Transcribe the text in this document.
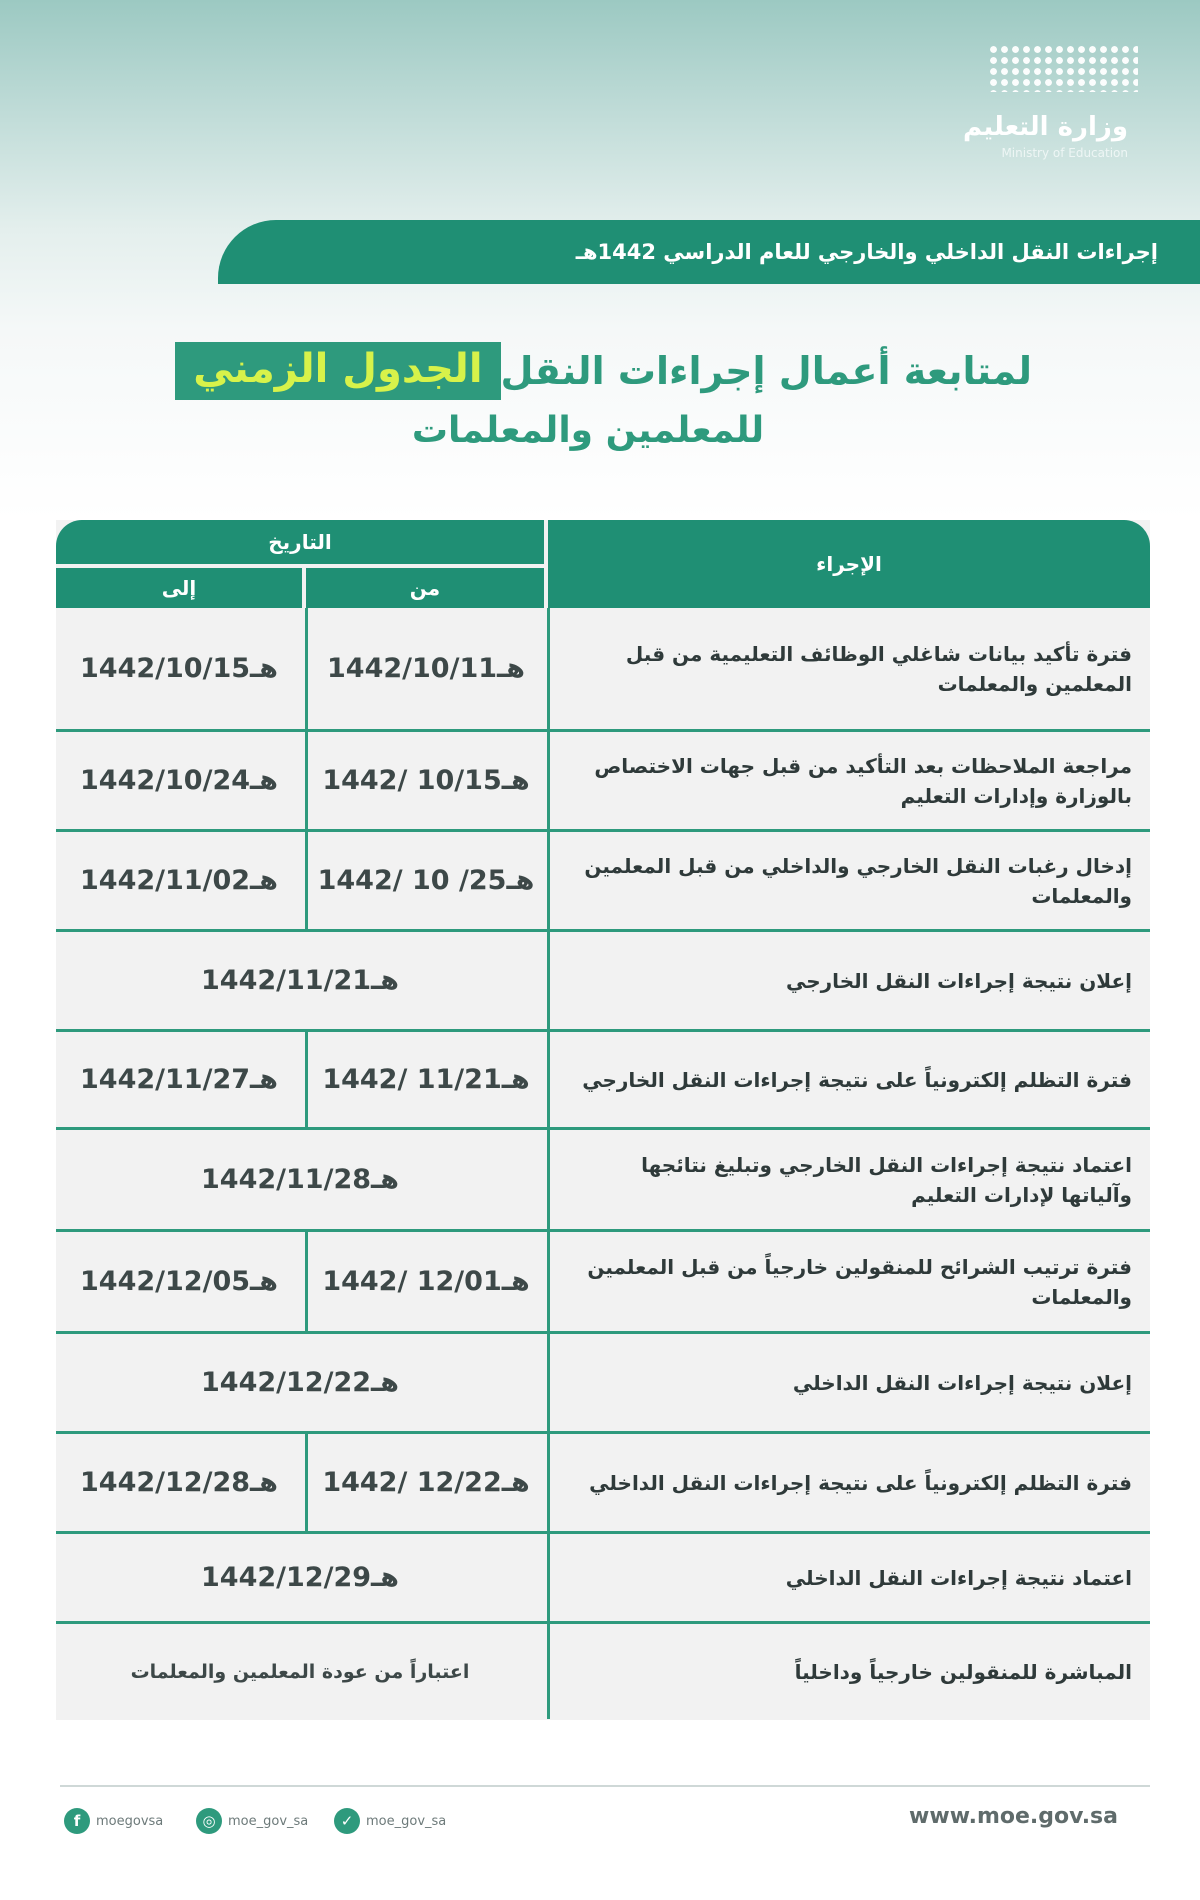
وزارة التعليم
Ministry of Education
إجراءات النقل الداخلي والخارجي للعام الدراسي 1442هـ
الجدول الزمني لمتابعة أعمال إجراءات النقل
للمعلمين والمعلمات
التاريخ
إلى	من
الإجراء
1442/10/15هـ	1442/10/11هـ	فترة تأكيد بيانات شاغلي الوظائف التعليمية من قبل المعلمين والمعلمات
1442/10/24هـ	1442/ 10/15هـ	مراجعة الملاحظات بعد التأكيد من قبل جهات الاختصاص بالوزارة وإدارات التعليم
1442/11/02هـ	1442/ 10 /25هـ	إدخال رغبات النقل الخارجي والداخلي من قبل المعلمين والمعلمات
1442/11/21هـ	إعلان نتيجة إجراءات النقل الخارجي
1442/11/27هـ	1442/ 11/21هـ	فترة التظلم إلكترونياً على نتيجة إجراءات النقل الخارجي
1442/11/28هـ	اعتماد نتيجة إجراءات النقل الخارجي وتبليغ نتائجها وآلياتها لإدارات التعليم
1442/12/05هـ	1442/ 12/01هـ	فترة ترتيب الشرائح للمنقولين خارجياً من قبل المعلمين والمعلمات
1442/12/22هـ	إعلان نتيجة إجراءات النقل الداخلي
1442/12/28هـ	1442/ 12/22هـ	فترة التظلم إلكترونياً على نتيجة إجراءات النقل الداخلي
1442/12/29هـ	اعتماد نتيجة إجراءات النقل الداخلي
اعتباراً من عودة المعلمين والمعلمات	المباشرة للمنقولين خارجياً وداخلياً
f	moegovsa	◎ moe_gov_sa	✓ moe_gov_sa	www.moe.gov.sa
